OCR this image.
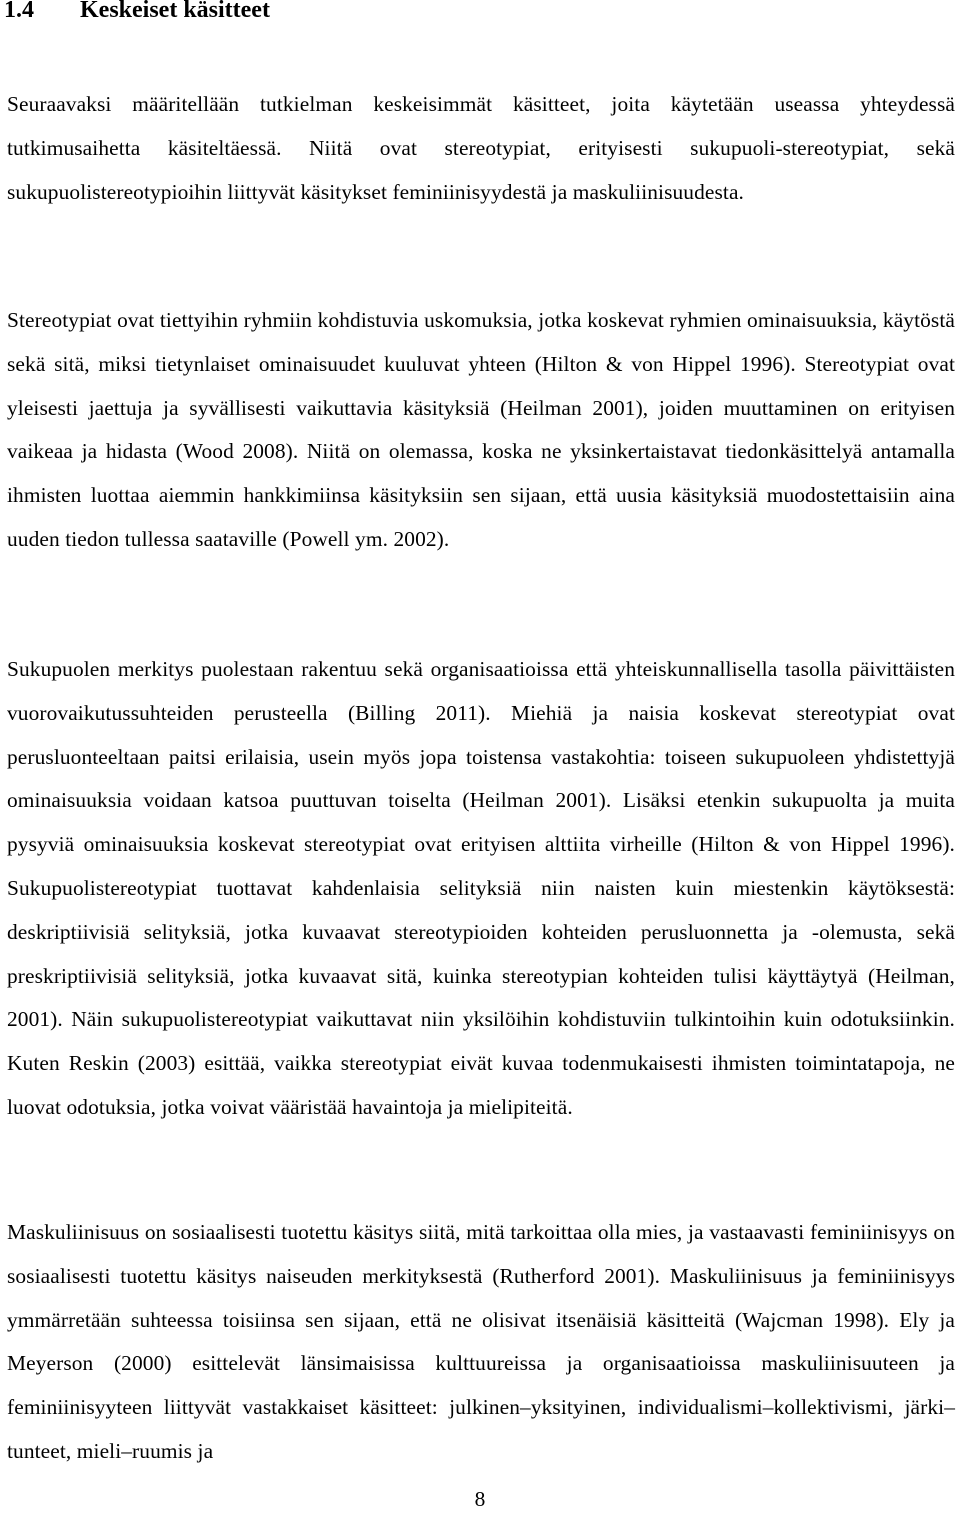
1.4 Keskeiset käsitteet

Seuraavaksi määritellään tutkielman keskeisimmät käsitteet, joita käytetään useassa yhteydessä tutkimusaihetta käsiteltäessä. Niitä ovat stereotypiat, erityisesti sukupuoli-stereotypiat, sekä sukupuolistereotypioihin liittyvät käsitykset feminiinisyydestä ja maskuliinisuudesta.

Stereotypiat ovat tiettyihin ryhmiin kohdistuvia uskomuksia, jotka koskevat ryhmien ominaisuuksia, käytöstä sekä sitä, miksi tietynlaiset ominaisuudet kuuluvat yhteen (Hilton & von Hippel 1996). Stereotypiat ovat yleisesti jaettuja ja syvällisesti vaikuttavia käsityksiä (Heilman 2001), joiden muuttaminen on erityisen vaikeaa ja hidasta (Wood 2008). Niitä on olemassa, koska ne yksinkertaistavat tiedonkäsittelyä antamalla ihmisten luottaa aiemmin hankkimiinsa käsityksiin sen sijaan, että uusia käsityksiä muodostettaisiin aina uuden tiedon tullessa saataville (Powell ym. 2002).

Sukupuolen merkitys puolestaan rakentuu sekä organisaatioissa että yhteiskunnallisella tasolla päivittäisten vuorovaikutussuhteiden perusteella (Billing 2011). Miehiä ja naisia koskevat stereotypiat ovat perusluonteeltaan paitsi erilaisia, usein myös jopa toistensa vastakohtia: toiseen sukupuoleen yhdistettyjä ominaisuuksia voidaan katsoa puuttuvan toiselta (Heilman 2001). Lisäksi etenkin sukupuolta ja muita pysyviä ominaisuuksia koskevat stereotypiat ovat erityisen alttiita virheille (Hilton & von Hippel 1996). Sukupuolistereotypiat tuottavat kahdenlaisia selityksiä niin naisten kuin miestenkin käytöksestä: deskriptiivisiä selityksiä, jotka kuvaavat stereotypioiden kohteiden perusluonnetta ja -olemusta, sekä preskriptiivisiä selityksiä, jotka kuvaavat sitä, kuinka stereotypian kohteiden tulisi käyttäytyä (Heilman, 2001). Näin sukupuolistereotypiat vaikuttavat niin yksilöihin kohdistuviin tulkintoihin kuin odotuksiinkin. Kuten Reskin (2003) esittää, vaikka stereotypiat eivät kuvaa todenmukaisesti ihmisten toimintatapoja, ne luovat odotuksia, jotka voivat vääristää havaintoja ja mielipiteitä.

Maskuliinisuus on sosiaalisesti tuotettu käsitys siitä, mitä tarkoittaa olla mies, ja vastaavasti feminiinisyys on sosiaalisesti tuotettu käsitys naiseuden merkityksestä (Rutherford 2001). Maskuliinisuus ja feminiinisyys ymmärretään suhteessa toisiinsa sen sijaan, että ne olisivat itsenäisiä käsitteitä (Wajcman 1998). Ely ja Meyerson (2000) esittelevät länsimaisissa kulttuureissa ja organisaatioissa maskuliinisuuteen ja feminiinisyyteen liittyvät vastakkaiset käsitteet: julkinen–yksityinen, individualismi–kollektivismi, järki–tunteet, mieli–ruumis ja

8
